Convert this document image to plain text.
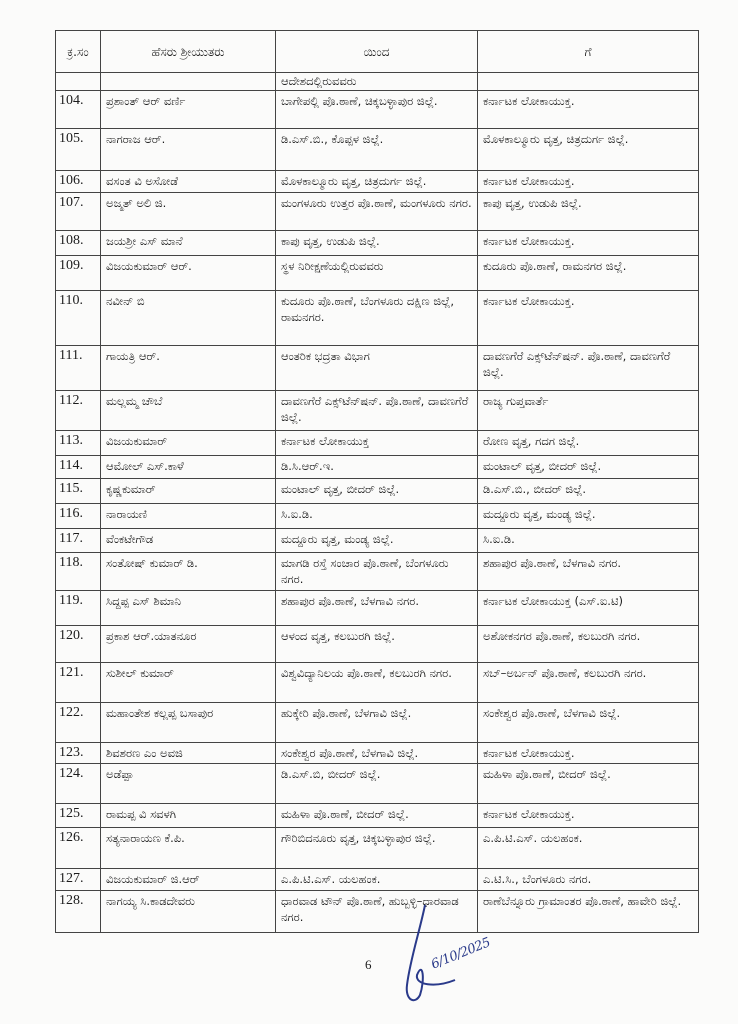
ಕ್ರ.ಸಂ	ಹೆಸರು ಶ್ರೀಯುತರು	ಯಿಂದ	ಗೆ
		ಆದೇಶದಲ್ಲಿರುವವರು	
104.	ಪ್ರಶಾಂತ್ ಆರ್ ವರ್ಣಿ	ಬಾಗೇಪಲ್ಲಿ ಪೊ.ಠಾಣೆ, ಚಿಕ್ಕಬಳ್ಳಾಪುರ ಜಿಲ್ಲೆ.	ಕರ್ನಾಟಕ ಲೋಕಾಯುಕ್ತ.
105.	ನಾಗರಾಜ ಆರ್.	ಡಿ.ಎಸ್.ಬಿ., ಕೊಪ್ಪಳ ಜಿಲ್ಲೆ.	ಮೊಳಕಾಲ್ಮೂರು ವೃತ್ತ, ಚಿತ್ರದುರ್ಗ ಜಿಲ್ಲೆ.
106.	ವಸಂತ ವಿ ಅಸೋಡೆ	ಮೊಳಕಾಲ್ಮೂರು ವೃತ್ತ, ಚಿತ್ರದುರ್ಗ ಜಿಲ್ಲೆ.	ಕರ್ನಾಟಕ ಲೋಕಾಯುಕ್ತ.
107.	ಅಜ್ಮತ್ ಅಲಿ ಜಿ.	ಮಂಗಳೂರು ಉತ್ತರ ಪೊ.ಠಾಣೆ, ಮಂಗಳೂರು ನಗರ.	ಕಾಪು ವೃತ್ತ, ಉಡುಪಿ ಜಿಲ್ಲೆ.
108.	ಜಯಶ್ರೀ ಎಸ್ ಮಾನೆ	ಕಾಪು ವೃತ್ತ, ಉಡುಪಿ ಜಿಲ್ಲೆ.	ಕರ್ನಾಟಕ ಲೋಕಾಯುಕ್ತ.
109.	ವಿಜಯಕುಮಾರ್ ಆರ್.	ಸ್ಥಳ ನಿರೀಕ್ಷಣೆಯಲ್ಲಿರುವವರು	ಕುದೂರು ಪೊ.ಠಾಣೆ, ರಾಮನಗರ ಜಿಲ್ಲೆ.
110.	ನವೀನ್ ಬಿ	ಕುದೂರು ಪೊ.ಠಾಣೆ, ಬೆಂಗಳೂರು ದಕ್ಷಿಣ ಜಿಲ್ಲೆ, ರಾಮನಗರ.	ಕರ್ನಾಟಕ ಲೋಕಾಯುಕ್ತ.
111.	ಗಾಯತ್ರಿ ಆರ್.	ಆಂತರಿಕ ಭದ್ರತಾ ವಿಭಾಗ	ದಾವಣಗೆರೆ ಎಕ್ಸ್‌ಟೆನ್‌ಷನ್. ಪೊ.ಠಾಣೆ, ದಾವಣಗೆರೆ ಜಿಲ್ಲೆ.
112.	ಮಲ್ಲಮ್ಮ ಚೌಬೆ	ದಾವಣಗೆರೆ ಎಕ್ಸ್‌ಟೆನ್‌ಷನ್. ಪೊ.ಠಾಣೆ, ದಾವಣಗೆರೆ ಜಿಲ್ಲೆ.	ರಾಜ್ಯ ಗುಪ್ತವಾರ್ತೆ
113.	ವಿಜಯಕುಮಾರ್	ಕರ್ನಾಟಕ ಲೋಕಾಯುಕ್ತ	ರೋಣ ವೃತ್ತ, ಗದಗ ಜಿಲ್ಲೆ.
114.	ಆಮೋಲ್ ಎಸ್.ಕಾಳೆ	ಡಿ.ಸಿ.ಆರ್.ಇ.	ಮಂಟಾಲ್ ವೃತ್ತ, ಬೀದರ್ ಜಿಲ್ಲೆ.
115.	ಕೃಷ್ಣಕುಮಾರ್	ಮಂಟಾಲ್ ವೃತ್ತ, ಬೀದರ್ ಜಿಲ್ಲೆ.	ಡಿ.ಎಸ್.ಬಿ., ಬೀದರ್ ಜಿಲ್ಲೆ.
116.	ನಾರಾಯಣಿ	ಸಿ.ಐ.ಡಿ.	ಮದ್ದೂರು ವೃತ್ತ, ಮಂಡ್ಯ ಜಿಲ್ಲೆ.
117.	ವೆಂಕಟೇಗೌಡ	ಮದ್ದೂರು ವೃತ್ತ, ಮಂಡ್ಯ ಜಿಲ್ಲೆ.	ಸಿ.ಐ.ಡಿ.
118.	ಸಂತೋಷ್ ಕುಮಾರ್ ಡಿ.	ಮಾಗಡಿ ರಸ್ತೆ ಸಂಚಾರ ಪೊ.ಠಾಣೆ, ಬೆಂಗಳೂರು ನಗರ.	ಶಹಾಪುರ ಪೊ.ಠಾಣೆ, ಬೆಳಗಾವಿ ನಗರ.
119.	ಸಿದ್ದಪ್ಪ ಎಸ್ ಶಿಮಾನಿ	ಶಹಾಪುರ ಪೊ.ಠಾಣೆ, ಬೆಳಗಾವಿ ನಗರ.	ಕರ್ನಾಟಕ ಲೋಕಾಯುಕ್ತ (ಎಸ್.ಐ.ಟಿ)
120.	ಪ್ರಕಾಶ ಆರ್.ಯಾತನೂರ	ಆಳಂದ ವೃತ್ತ, ಕಲಬುರಗಿ ಜಿಲ್ಲೆ.	ಅಶೋಕನಗರ ಪೊ.ಠಾಣೆ, ಕಲಬುರಗಿ ನಗರ.
121.	ಸುಶೀಲ್ ಕುಮಾರ್	ವಿಶ್ವವಿದ್ಯಾನಿಲಯ ಪೊ.ಠಾಣೆ, ಕಲಬುರಗಿ ನಗರ.	ಸಬ್‌–ಅರ್ಬನ್ ಪೊ.ಠಾಣೆ, ಕಲಬುರಗಿ ನಗರ.
122.	ಮಹಾಂತೇಶ ಕಲ್ಲಪ್ಪ ಬಸಾಪುರ	ಹುಕ್ಕೇರಿ ಪೊ.ಠಾಣೆ, ಬೆಳಗಾವಿ ಜಿಲ್ಲೆ.	ಸಂಕೇಶ್ವರ ಪೊ.ಠಾಣೆ, ಬೆಳಗಾವಿ ಜಿಲ್ಲೆ.
123.	ಶಿವಶರಣ ಎಂ ಅವಜಿ	ಸಂಕೇಶ್ವರ ಪೊ.ಠಾಣೆ, ಬೆಳಗಾವಿ ಜಿಲ್ಲೆ.	ಕರ್ನಾಟಕ ಲೋಕಾಯುಕ್ತ.
124.	ಅಡೆಪ್ಪಾ	ಡಿ.ಎಸ್.ಬಿ, ಬೀದರ್ ಜಿಲ್ಲೆ.	ಮಹಿಳಾ ಪೊ.ಠಾಣೆ, ಬೀದರ್ ಜಿಲ್ಲೆ.
125.	ರಾಮಪ್ಪ ವಿ ಸವಳಗಿ	ಮಹಿಳಾ ಪೊ.ಠಾಣೆ, ಬೀದರ್ ಜಿಲ್ಲೆ.	ಕರ್ನಾಟಕ ಲೋಕಾಯುಕ್ತ.
126.	ಸತ್ಯನಾರಾಯಣ ಕೆ.ಪಿ.	ಗೌರಿಬಿದನೂರು ವೃತ್ತ, ಚಿಕ್ಕಬಳ್ಳಾಪುರ ಜಿಲ್ಲೆ.	ಎ.ಪಿ.ಟಿ.ಎಸ್. ಯಲಹಂಕ.
127.	ವಿಜಯಕುಮಾರ್ ಜಿ.ಆರ್	ಎ.ಪಿ.ಟಿ.ಎಸ್. ಯಲಹಂಕ.	ಎ.ಟಿ.ಸಿ., ಬೆಂಗಳೂರು ನಗರ.
128.	ನಾಗಯ್ಯ ಸಿ.ಕಾಡದೇವರು	ಧಾರವಾಡ ಟೌನ್ ಪೊ.ಠಾಣೆ, ಹುಬ್ಬಳ್ಳಿ–ಧಾರವಾಡ ನಗರ.	ರಾಣೆಬೆನ್ನೂರು ಗ್ರಾಮಾಂತರ ಪೊ.ಠಾಣೆ, ಹಾವೇರಿ ಜಿಲ್ಲೆ.
6	6/10/2025
